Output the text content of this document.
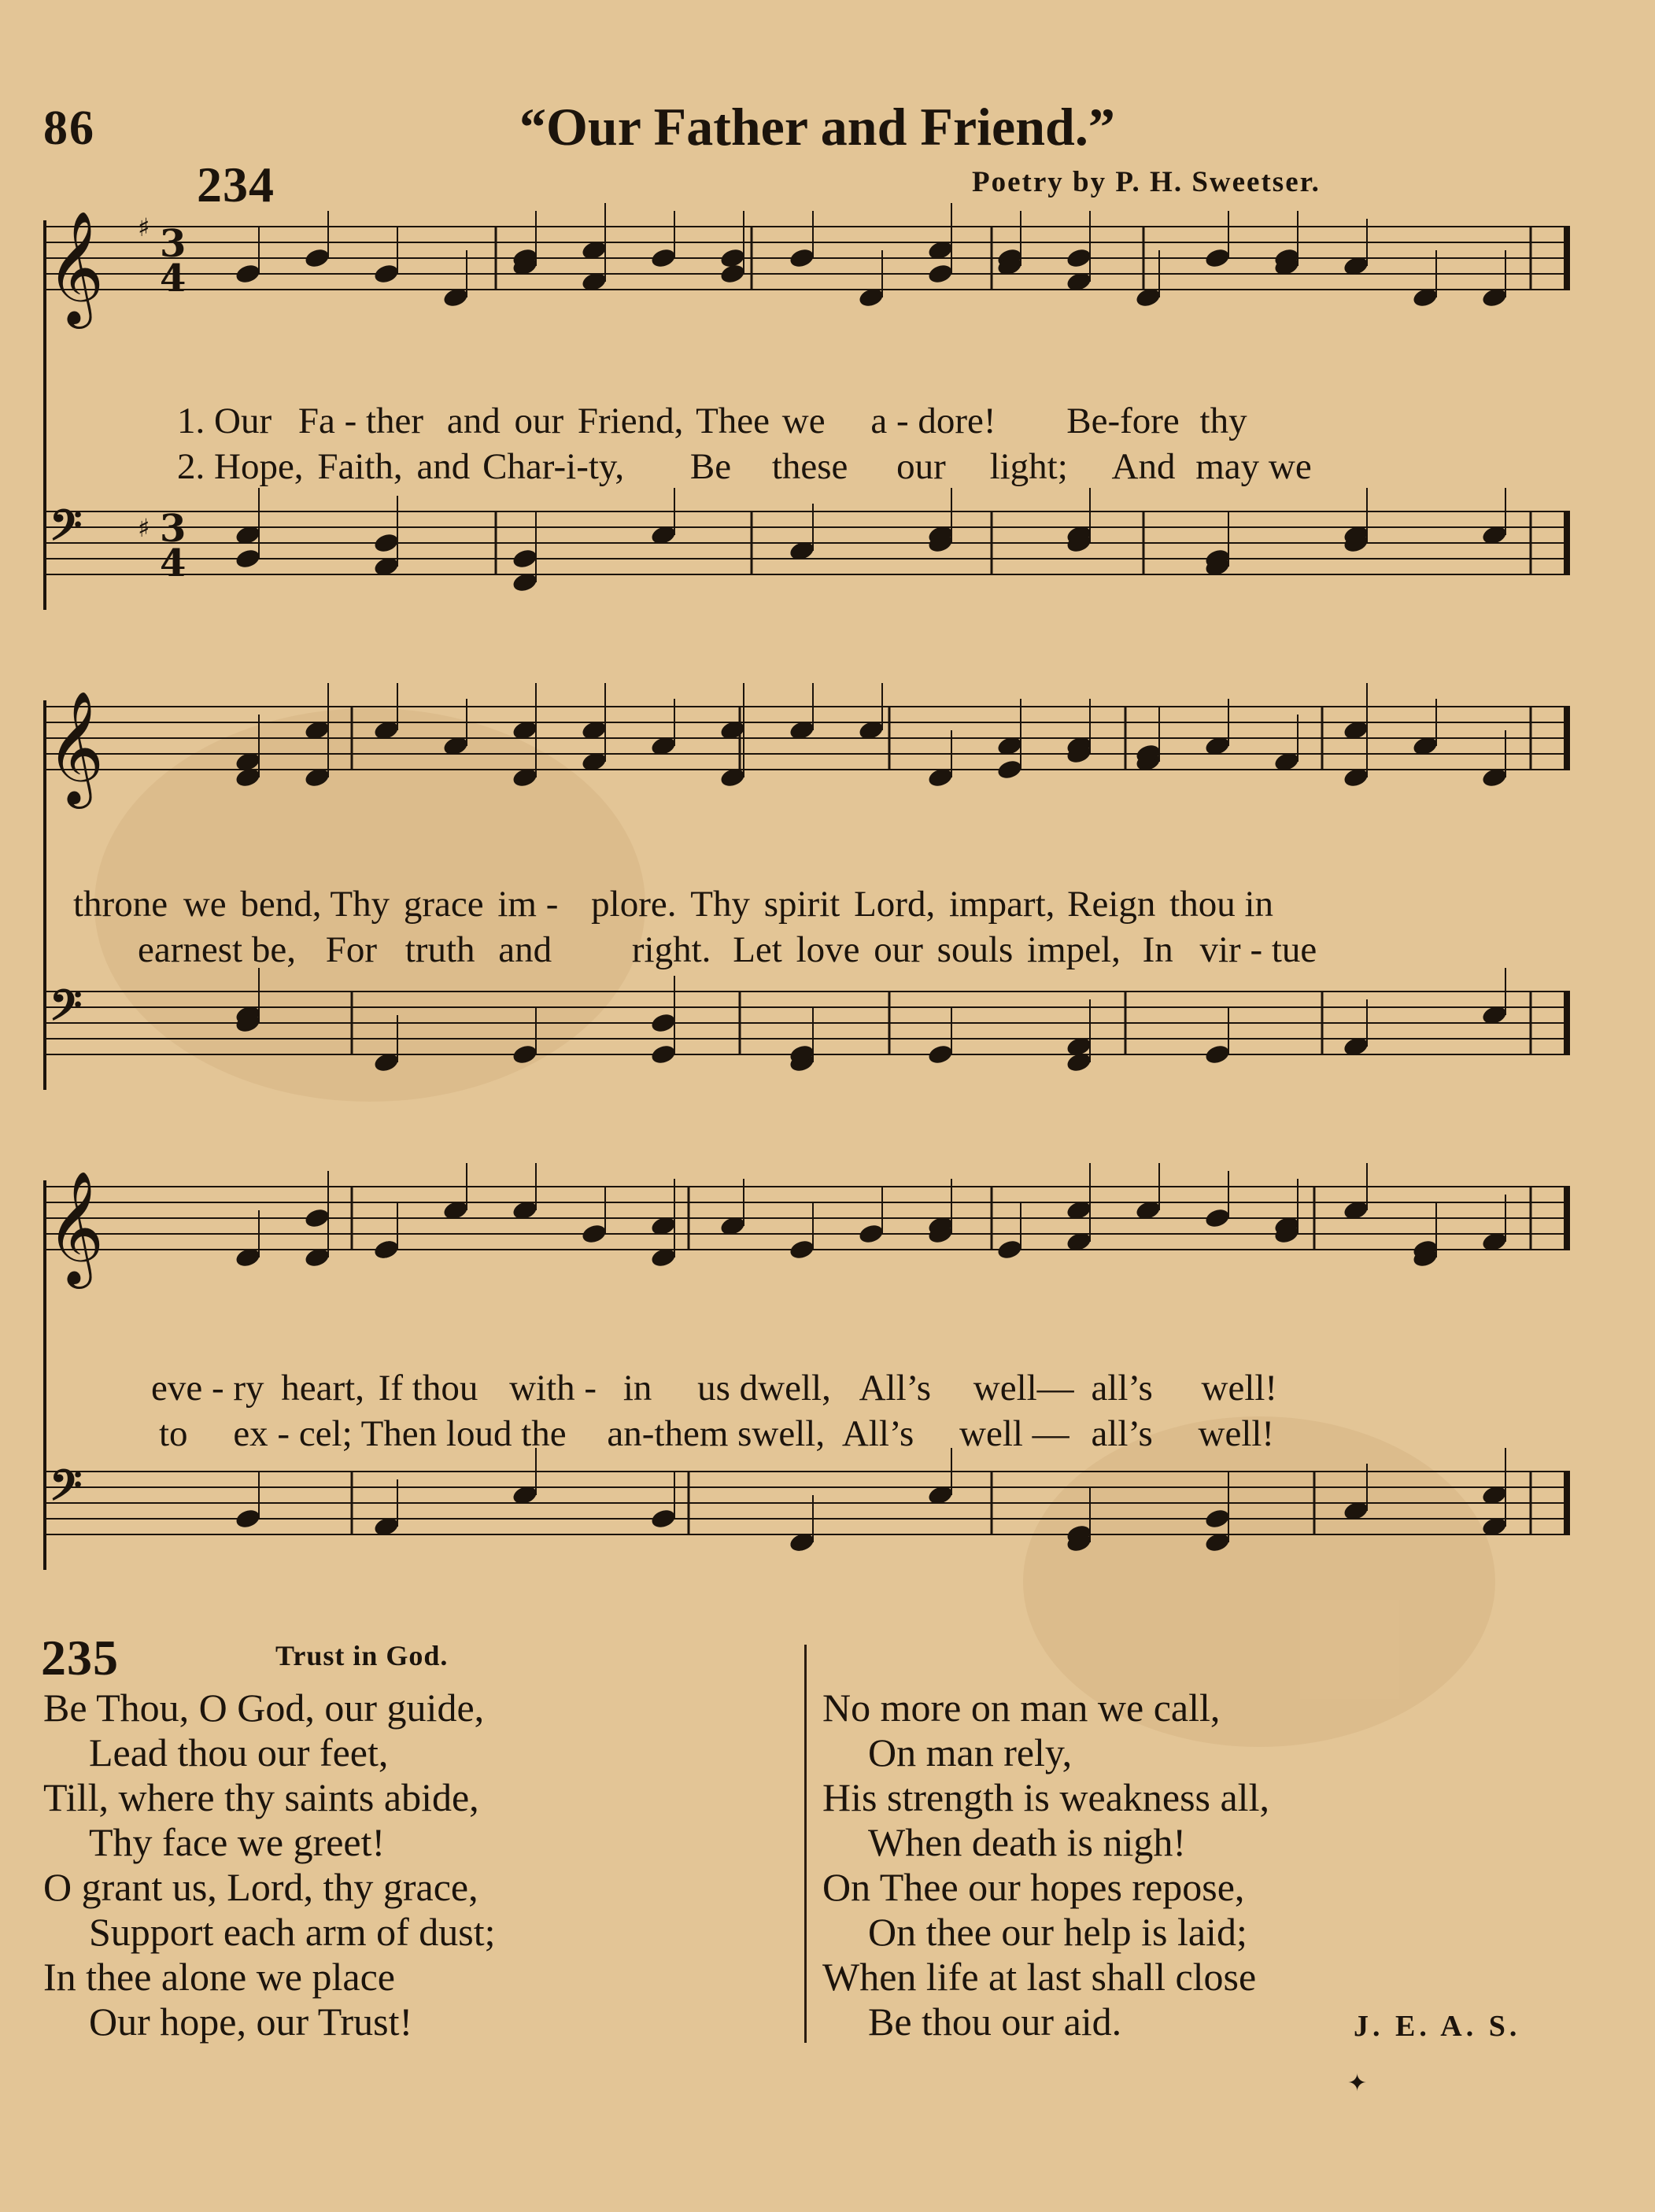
86	“Our Father and Friend.”
234	Poetry by P. H. Sweetser.
𝄞 ♯ 3
4
𝄢 ♯ 3
4
1. Our Fa - ther and our Friend, Thee we a - dore! Be-fore thy
2. Hope, Faith, and Char-i-ty, Be these our light; And may we
𝄞
𝄢
throne we bend, Thy grace im - plore. Thy spirit Lord, impart, Reign thou in
earnest be, For truth and right. Let love our souls impel, In vir - tue
𝄞
𝄢
eve - ry heart, If thou with - in us dwell, All’s well— all’s well!
to ex - cel; Then loud the an-them swell, All’s well — all’s well!
235	Trust in God.
Be Thou, O God, our guide,
Lead thou our feet,
Till, where thy saints abide,
Thy face we greet!
O grant us, Lord, thy grace,
Support each arm of dust;
In thee alone we place
Our hope, our Trust!
No more on man we call,
On man rely,
His strength is weakness all,
When death is nigh!
On Thee our hopes repose,
On thee our help is laid;
When life at last shall close
Be thou our aid.	J. E. A. S.
✦
